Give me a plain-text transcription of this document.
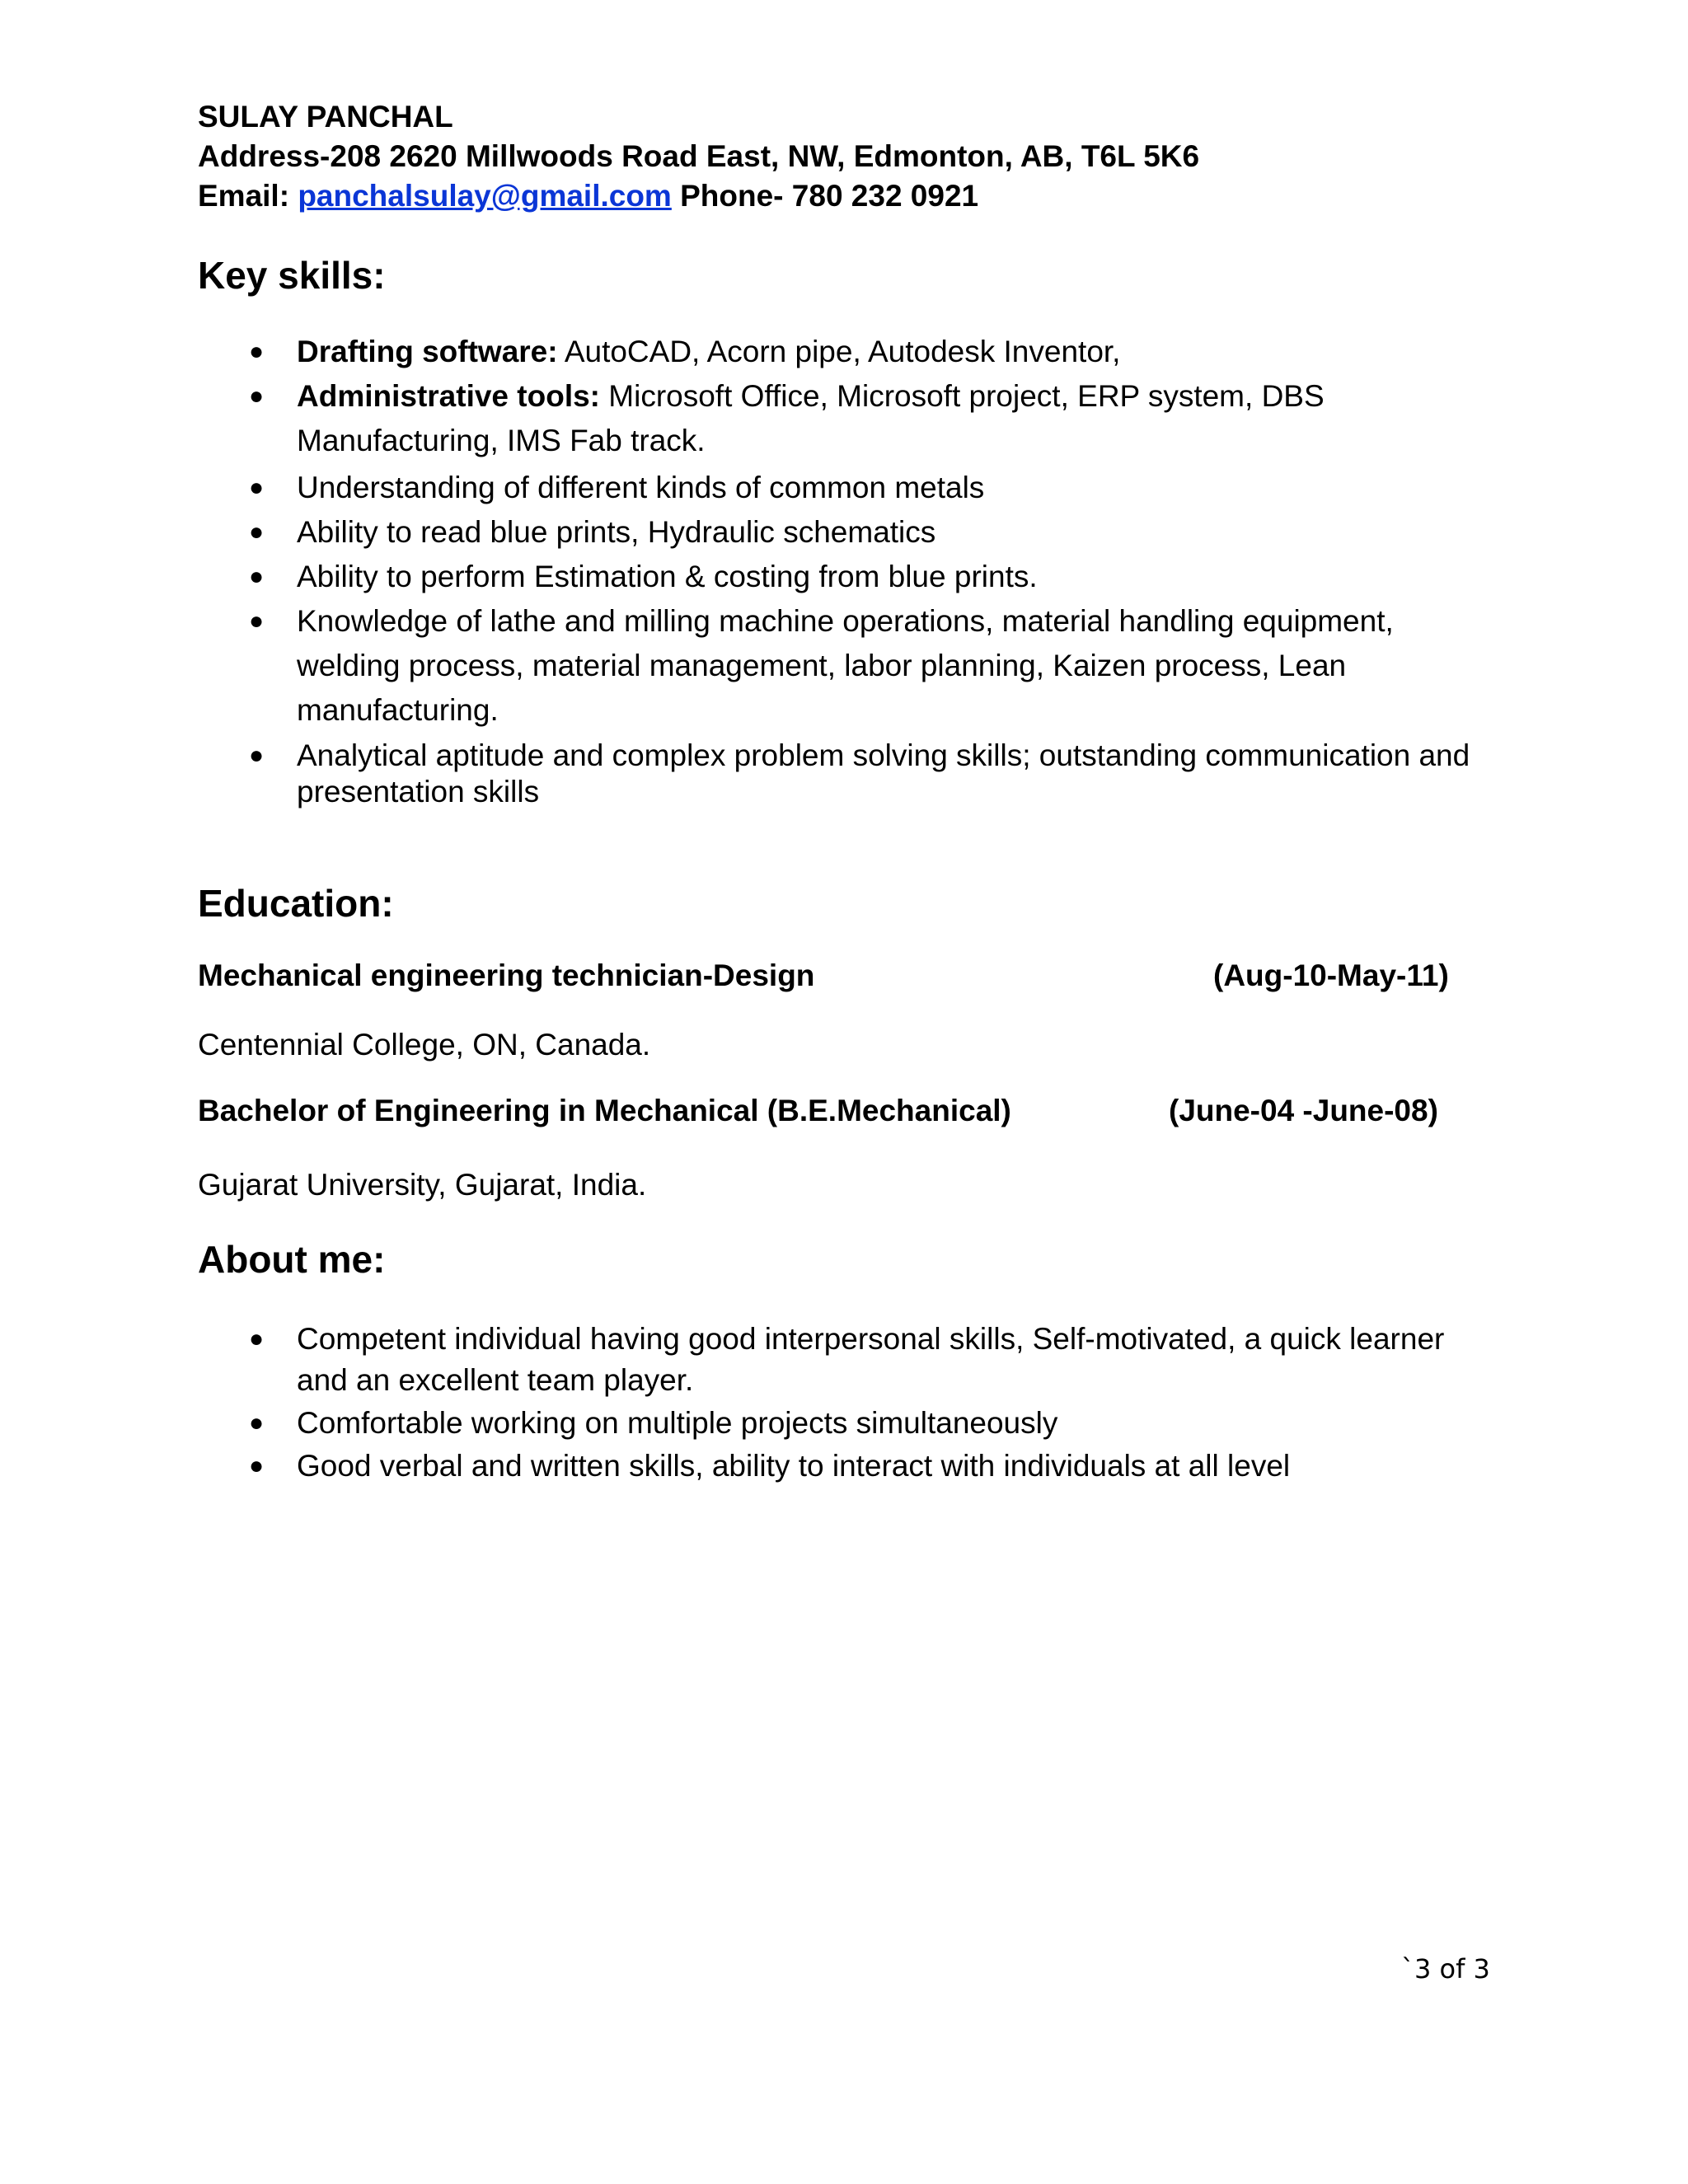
SULAY PANCHAL
Address-208 2620 Millwoods Road East, NW, Edmonton, AB, T6L 5K6
Email: panchalsulay@gmail.com Phone- 780 232 0921
Key skills:
● Drafting software: AutoCAD, Acorn pipe, Autodesk Inventor,
● Administrative tools: Microsoft Office, Microsoft project, ERP system, DBS Manufacturing, IMS Fab track.
● Understanding of different kinds of common metals
● Ability to read blue prints, Hydraulic schematics
● Ability to perform Estimation & costing from blue prints.
● Knowledge of lathe and milling machine operations, material handling equipment, welding process, material management, labor planning, Kaizen process, Lean manufacturing.
● Analytical aptitude and complex problem solving skills; outstanding communication and presentation skills
Education:
Mechanical engineering technician-Design	(Aug-10-May-11)
Centennial College, ON, Canada.
Bachelor of Engineering in Mechanical (B.E.Mechanical)	(June-04 -June-08)
Gujarat University, Gujarat, India.
About me:
● Competent individual having good interpersonal skills, Self-motivated, a quick learner and an excellent team player.
● Comfortable working on multiple projects simultaneously
● Good verbal and written skills, ability to interact with individuals at all level
`3 of 3
